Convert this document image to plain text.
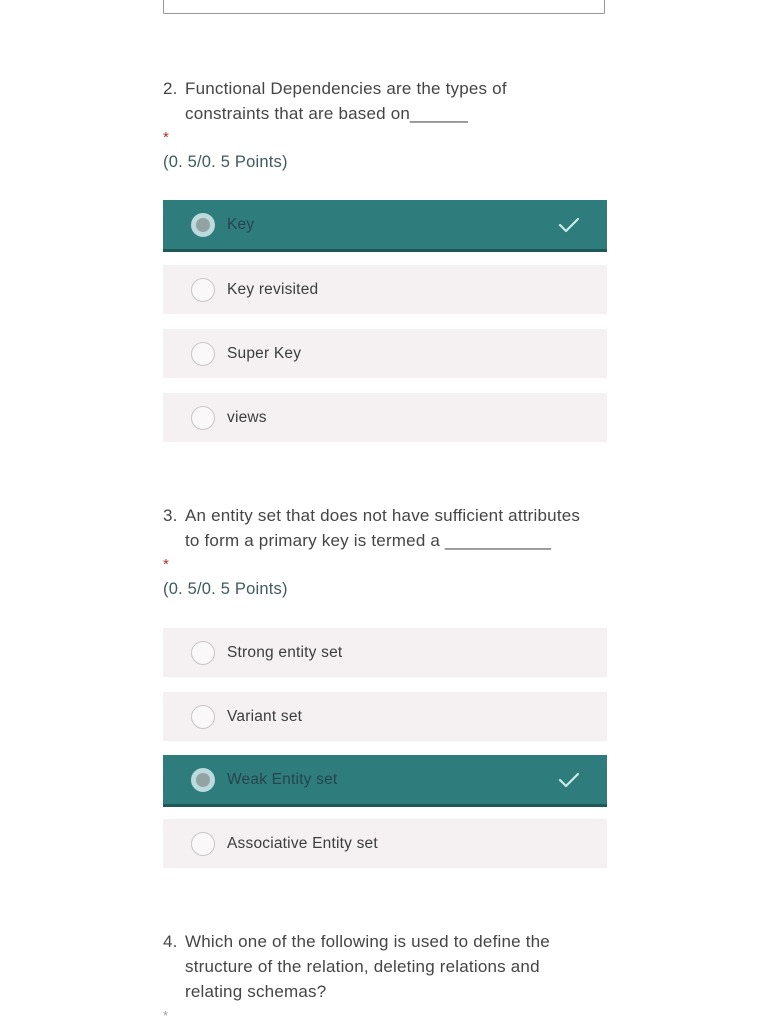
2. Functional Dependencies are the types of
constraints that are based on______
*
(0. 5/0. 5 Points)
Key
Key revisited
Super Key
views
3. An entity set that does not have sufficient attributes
to form a primary key is termed a ___________
*
(0. 5/0. 5 Points)
Strong entity set
Variant set
Weak Entity set
Associative Entity set
4. Which one of the following is used to define the
structure of the relation, deleting relations and
relating schemas?
*
